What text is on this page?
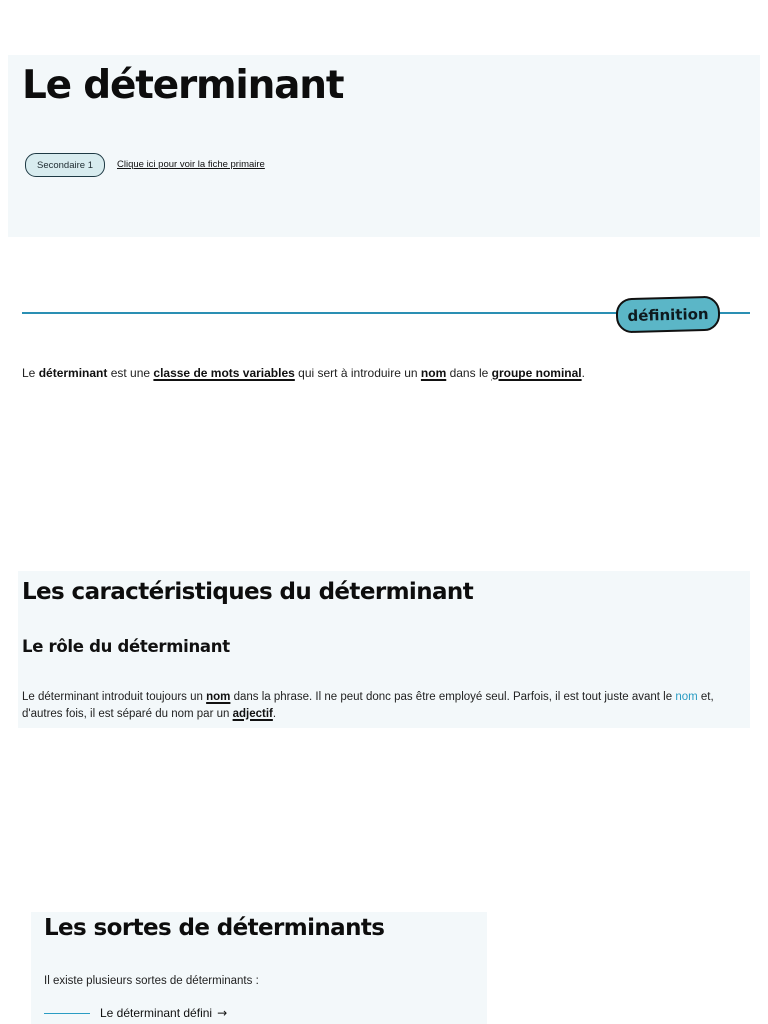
Le déterminant
Secondaire 1	Clique ici pour voir la fiche primaire
définition

Le déterminant est une classe de mots variables qui sert à introduire un nom dans le groupe nominal.

Les caractéristiques du déterminant
Le rôle du déterminant

Le déterminant introduit toujours un nom dans la phrase. Il ne peut donc pas être employé seul. Parfois, il est tout juste avant le nom et, d'autres fois, il est séparé du nom par un adjectif.

Les sortes de déterminants
Il existe plusieurs sortes de déterminants :
Le déterminant défini →
